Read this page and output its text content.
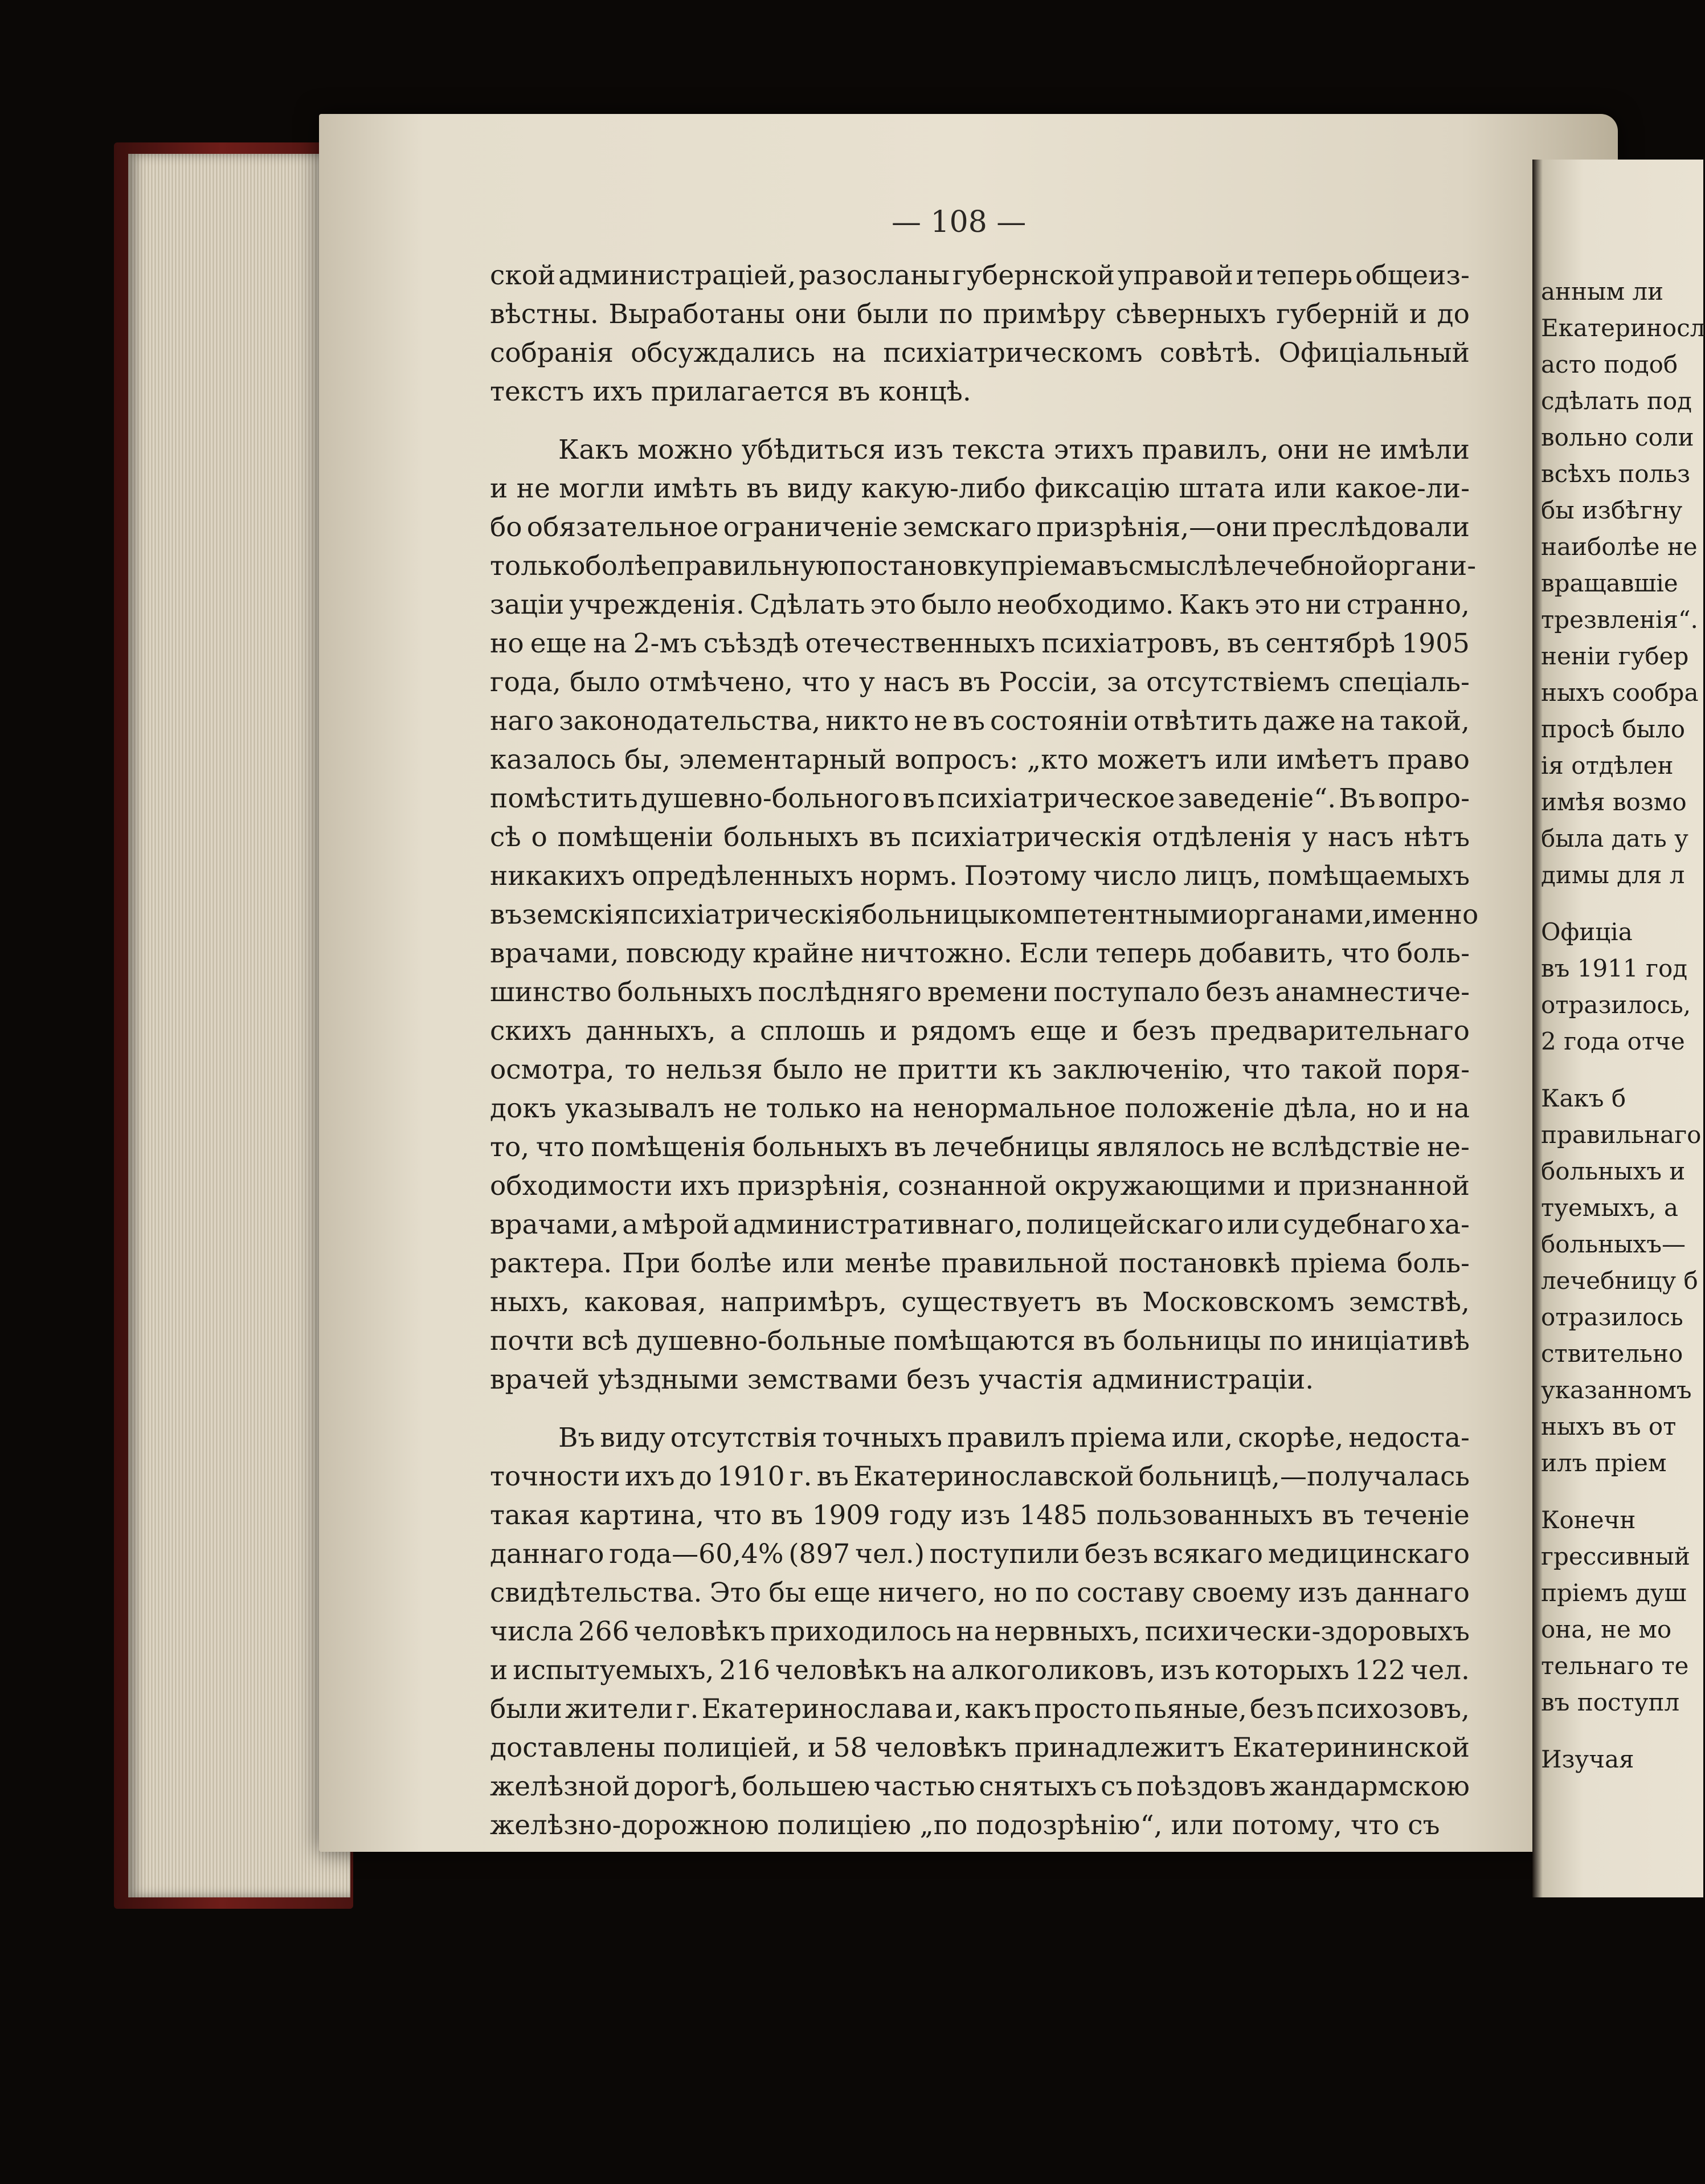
— 108 —
ской администраціей, разосланы губернской управой и теперь общеиз-
вѣстны. Выработаны они были по примѣру сѣверныхъ губерній и до
собранія обсуждались на психіатрическомъ совѣтѣ. Офиціальный
текстъ ихъ прилагается въ концѣ.
Какъ можно убѣдиться изъ текста этихъ правилъ, они не имѣли
и не могли имѣть въ виду какую-либо фиксацію штата или какое-ли-
бо обязательное ограниченіе земскаго призрѣнія,—они преслѣдовали
только болѣе правильную постановку пріема въ смыслѣ лечебной органи-
заціи учрежденія. Сдѣлать это было необходимо. Какъ это ни странно,
но еще на 2-мъ съѣздѣ отечественныхъ психіатровъ, въ сентябрѣ 1905
года, было отмѣчено, что у насъ въ Россіи, за отсутствіемъ спеціаль-
наго законодательства, никто не въ состояніи отвѣтить даже на такой,
казалось бы, элементарный вопросъ: „кто можетъ или имѣетъ право
помѣстить душевно-больного въ психіатрическое заведеніе“. Въ вопро-
сѣ о помѣщеніи больныхъ въ психіатрическія отдѣленія у насъ нѣтъ
никакихъ опредѣленныхъ нормъ. Поэтому число лицъ, помѣщаемыхъ
въ земскія психіатрическія больницы компетентными органами, именно
врачами, повсюду крайне ничтожно. Если теперь добавить, что боль-
шинство больныхъ послѣдняго времени поступало безъ анамнестиче-
скихъ данныхъ, а сплошь и рядомъ еще и безъ предварительнаго
осмотра, то нельзя было не притти къ заключенію, что такой поря-
докъ указывалъ не только на ненормальное положеніе дѣла, но и на
то, что помѣщенія больныхъ въ лечебницы являлось не вслѣдствіе не-
обходимости ихъ призрѣнія, сознанной окружающими и признанной
врачами, а мѣрой административнаго, полицейскаго или судебнаго ха-
рактера. При болѣе или менѣе правильной постановкѣ пріема боль-
ныхъ, каковая, напримѣръ, существуетъ въ Московскомъ земствѣ,
почти всѣ душевно-больные помѣщаются въ больницы по иниціативѣ
врачей уѣздными земствами безъ участія администраціи.
Въ виду отсутствія точныхъ правилъ пріема или, скорѣе, недоста-
точности ихъ до 1910 г. въ Екатеринославской больницѣ,—получалась
такая картина, что въ 1909 году изъ 1485 пользованныхъ въ теченіе
даннаго года—60,4% (897 чел.) поступили безъ всякаго медицинскаго
свидѣтельства. Это бы еще ничего, но по составу своему изъ даннаго
числа 266 человѣкъ приходилось на нервныхъ, психически-здоровыхъ
и испытуемыхъ, 216 человѣкъ на алкоголиковъ, изъ которыхъ 122 чел.
были жители г. Екатеринослава и, какъ просто пьяные, безъ психозовъ,
доставлены полиціей, и 58 человѣкъ принадлежитъ Екатерининской
желѣзной дорогѣ, большею частью снятыхъ съ поѣздовъ жандармскою
желѣзно-дорожною полиціею „по подозрѣнію“, или потому, что съ
анным ли
Екатериносл
асто подоб
сдѣлать под
вольно соли
всѣхъ польз
бы избѣгну
наиболѣе не
вращавшіе
трезвленія“.
неніи губер
ныхъ сообра
просѣ было
ія отдѣлен
имѣя возмо
была дать у
димы для л
Офиціа
въ 1911 год
отразилось,
2 года отче
Какъ б
правильнаго
больныхъ и
туемыхъ, а
больныхъ—
лечебницу б
отразилось
ствительно
указанномъ
ныхъ въ от
илъ пріем
Конечн
грессивный
пріемъ душ
она, не мо
тельнаго те
въ поступл
Изучая
